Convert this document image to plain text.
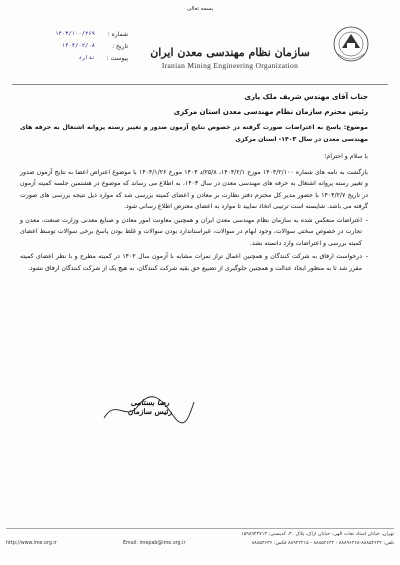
بسمه تعالی
شماره :
۱۴۰۳/۱۰۰/۲۶۹
تاریخ :
۱۴۰۴/۰۲/۰۸
پیوست :
ندارد	سازمان نظام مهندسی معدن ایران
Iranian Mining Engineering Organization
جناب آقای مهندس شریف ملک یاری
رئیس محترم سازمان نظام مهندسی معدن استان مرکزی
موضوع: پاسخ به اعتراضات صورت گرفته در خصوص نتایج آزمون صدور و تغییر رسته پروانه اشتغال به حرفه های مهندسی معدن در سال ۱۴۰۳- استان مرکزی
با سلام و احترام؛
بازگشت به نامه های شماره ۱۴۰۴/۲/۱۰۰ مورخ ۱۴۰۴/۲/۱، ۲۵/۸/د ۱۴۰۴ مورخ ۱۴۰۴/۱/۲۶ با موضوع اعتراض اعضا به نتایج آزمون صدور و تغییر رسته پروانه اشتغال به حرفه های مهندسی معدن در سال ۱۴۰۳، به اطلاع می رساند که موضوع در هشتمین جلسه کمیته آزمون در تاریخ ۱۴۰۴/۲/۷ با حضور مدیر کل محترم دفتر نظارت بر معادن و اعضای کمیته بررسی شد که موارد ذیل نتیجه بررسی های صورت گرفته می باشد. شایسته است ترتیبی اتخاذ نمایید تا موارد به اعضای معترض اطلاع رسانی شود.
- اعتراضات منعکس شده به سازمان نظام مهندسی معدن ایران و همچنین معاونت امور معادن و صنایع معدنی وزارت صنعت، معدن و تجارت در خصوص سختی سوالات، وجود ابهام در سوالات، غیراستاندارد بودن سوالات و غلط بودن پاسخ برخی سوالات توسط اعضای کمیته بررسی و اعتراضات وارد دانسته نشد.
- درخواست ارفاق به شرکت کنندگان و همچنین اعمال تراز نمرات مشابه با آزمون سال ۱۴۰۲ در کمیته مطرح و با نظر اعضای کمیته مقرر شد تا به منظور ایجاد عدالت و همچنین جلوگیری از تضییع حق بقیه شرکت کنندگان، به هیچ یک از شرکت کنندگان ارفاق نشود.
رضا بستامی
رئیس سازمان
تهران، خیابان استاد نجات الهی، خیابان اراک، پلاک ۴۰، کدپستی: ۱۵۹۸۹۴۳۷۱۳
http://www.ime.org.ir	Email: imepab@ime.org.ir	تلفن: ۸۸۸۵۴۶۴۲-۸۸۸۹۶۴۶۸ - ۸۸۸۵۴۶۴۴ - ۸۸۹۴۲۲۱۵ فکس: ۸۸۸۵۴۶۳۶
